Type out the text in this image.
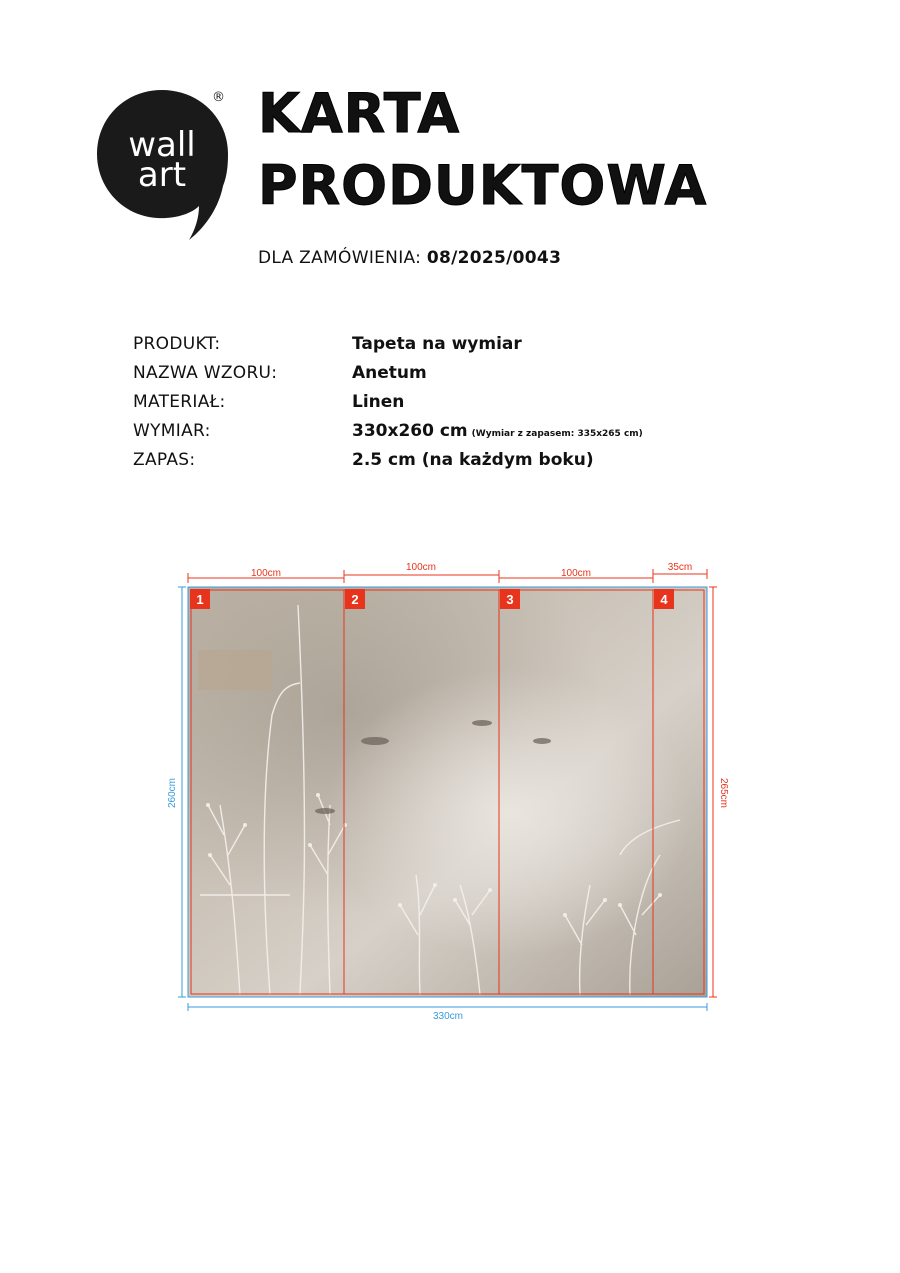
wall
art
® KARTA
PRODUKTOWA
DLA ZAMÓWIENIA: 08/2025/0043
PRODUKT:	Tapeta na wymiar
NAZWA WZORU:	Anetum
MATERIAŁ:	Linen
WYMIAR:	330x260 cm (Wymiar z zapasem: 335x265 cm)
ZAPAS:	2.5 cm (na każdym boku)
100cm
100cm
100cm
35cm
1	2	3	4
260cm	265cm
330cm
